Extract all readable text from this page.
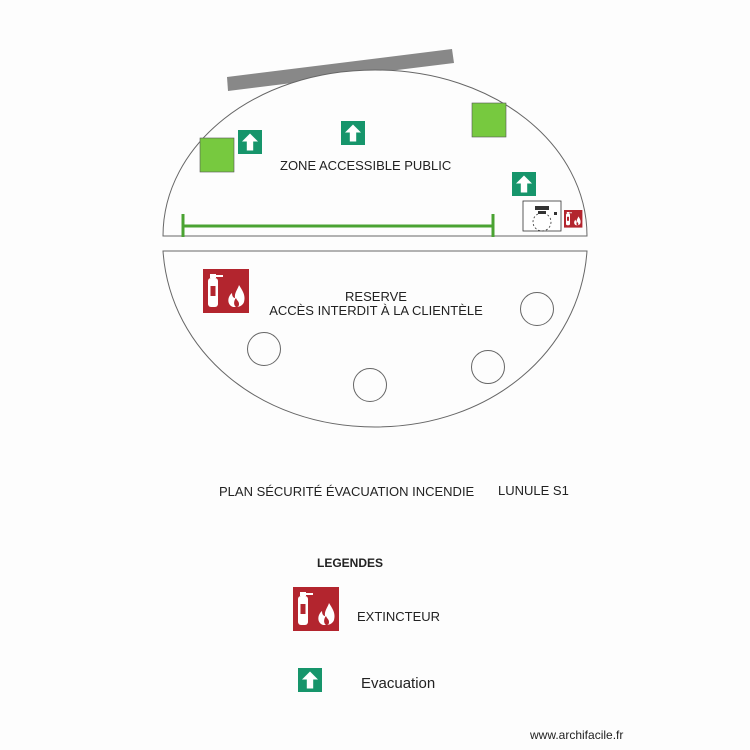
ZONE ACCESSIBLE PUBLIC

RESERVE

ACCÈS INTERDIT À LA CLIENTÈLE

PLAN SÉCURITÉ ÉVACUATION INCENDIE LUNULE S1

LEGENDES

EXTINCTEUR

Evacuation

www.archifacile.fr
